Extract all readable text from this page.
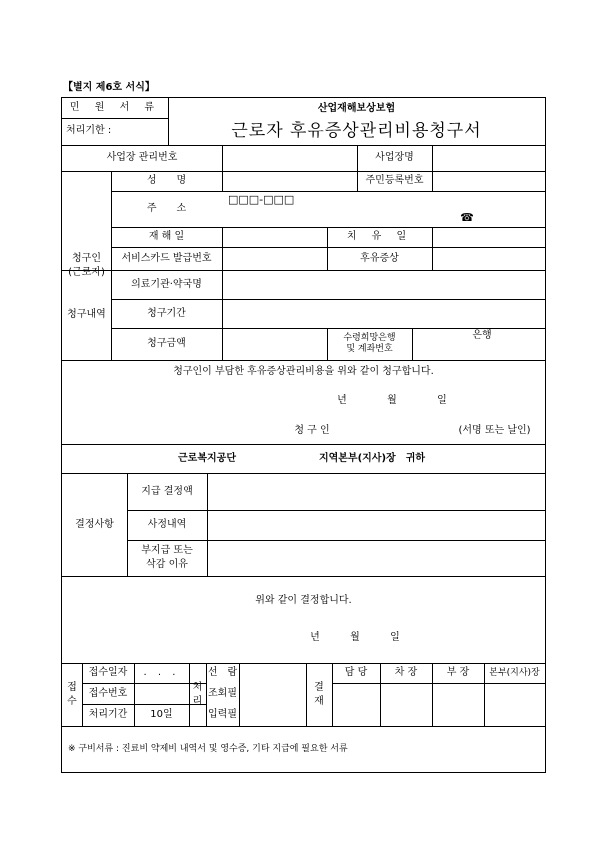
【별지 제6호 서식】
민 원 서 류
처리기한 :
산업재해보상보험
근로자 후유증상관리비용청구서
사업장 관리번호	사업장명
청구인
(근로자)
성　　명	주민등록번호
주　　소
□□□-□□□
☎
재 해 일	치 유 일
서비스카드 발급번호	후유증상
청구내역
의료기관·약국명
청구기간
청구금액	수령희망은행
및 계좌번호
은행
청구인이 부담한 후유증상관리비용을 위와 같이 청구합니다.
년	월	일
청 구 인	(서명 또는 날인)
근로복지공단	지역본부(지사)장　귀하
결정사항
지급 결정액
사정내역
부지급 또는
삭감 이유
위와 같이 결정합니다.
년	월	일
접
수
접수일자	. . .
접수번호
처리기간	10일
처
리
선　람
조회필
입력필
결
재
담 당	차 장	부 장	본부(지사)장
※ 구비서류 : 진료비 약제비 내역서 및 영수증, 기타 지급에 필요한 서류
